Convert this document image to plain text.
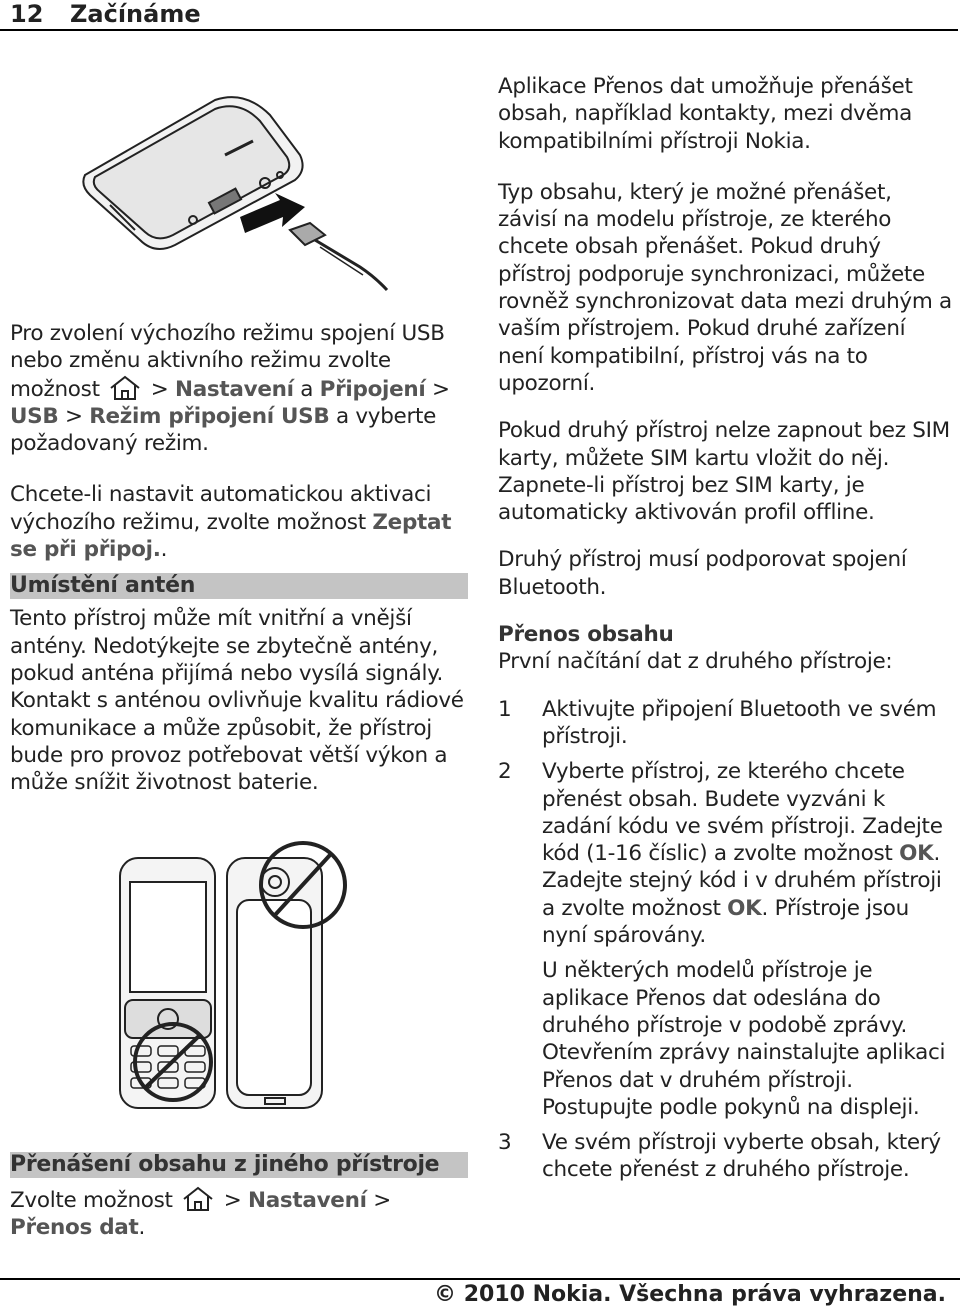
12 Začínáme

Pro zvolení výchozího režimu spojení USB nebo změnu aktivního režimu zvolte možnost  > Nastavení a Připojení > USB > Režim připojení USB a vyberte požadovaný režim.

Chcete-li nastavit automatickou aktivaci výchozího režimu, zvolte možnost Zeptat se při připoj..

Umístění antén

Tento přístroj může mít vnitřní a vnější antény. Nedotýkejte se zbytečně antény, pokud anténa přijímá nebo vysílá signály. Kontakt s anténou ovlivňuje kvalitu rádiové komunikace a může způsobit, že přístroj bude pro provoz potřebovat větší výkon a může snížit životnost baterie.

Přenášení obsahu z jiného přístroje

Zvolte možnost  > Nastavení > Přenos dat.

Aplikace Přenos dat umožňuje přenášet obsah, například kontakty, mezi dvěma kompatibilními přístroji Nokia.

Typ obsahu, který je možné přenášet, závisí na modelu přístroje, ze kterého chcete obsah přenášet. Pokud druhý přístroj podporuje synchronizaci, můžete rovněž synchronizovat data mezi druhým a vaším přístrojem. Pokud druhé zařízení není kompatibilní, přístroj vás na to upozorní.

Pokud druhý přístroj nelze zapnout bez SIM karty, můžete SIM kartu vložit do něj. Zapnete-li přístroj bez SIM karty, je automaticky aktivován profil offline.

Druhý přístroj musí podporovat spojení Bluetooth.

Přenos obsahu

První načítání dat z druhého přístroje:

1 Aktivujte připojení Bluetooth ve svém přístroji.
2 Vyberte přístroj, ze kterého chcete přenést obsah. Budete vyzváni k zadání kódu ve svém přístroji. Zadejte kód (1-16 číslic) a zvolte možnost OK. Zadejte stejný kód i v druhém přístroji a zvolte možnost OK. Přístroje jsou nyní spárovány.
U některých modelů přístroje je aplikace Přenos dat odeslána do druhého přístroje v podobě zprávy. Otevřením zprávy nainstalujte aplikaci Přenos dat v druhém přístroji. Postupujte podle pokynů na displeji.
3 Ve svém přístroji vyberte obsah, který chcete přenést z druhého přístroje.
© 2010 Nokia. Všechna práva vyhrazena.
